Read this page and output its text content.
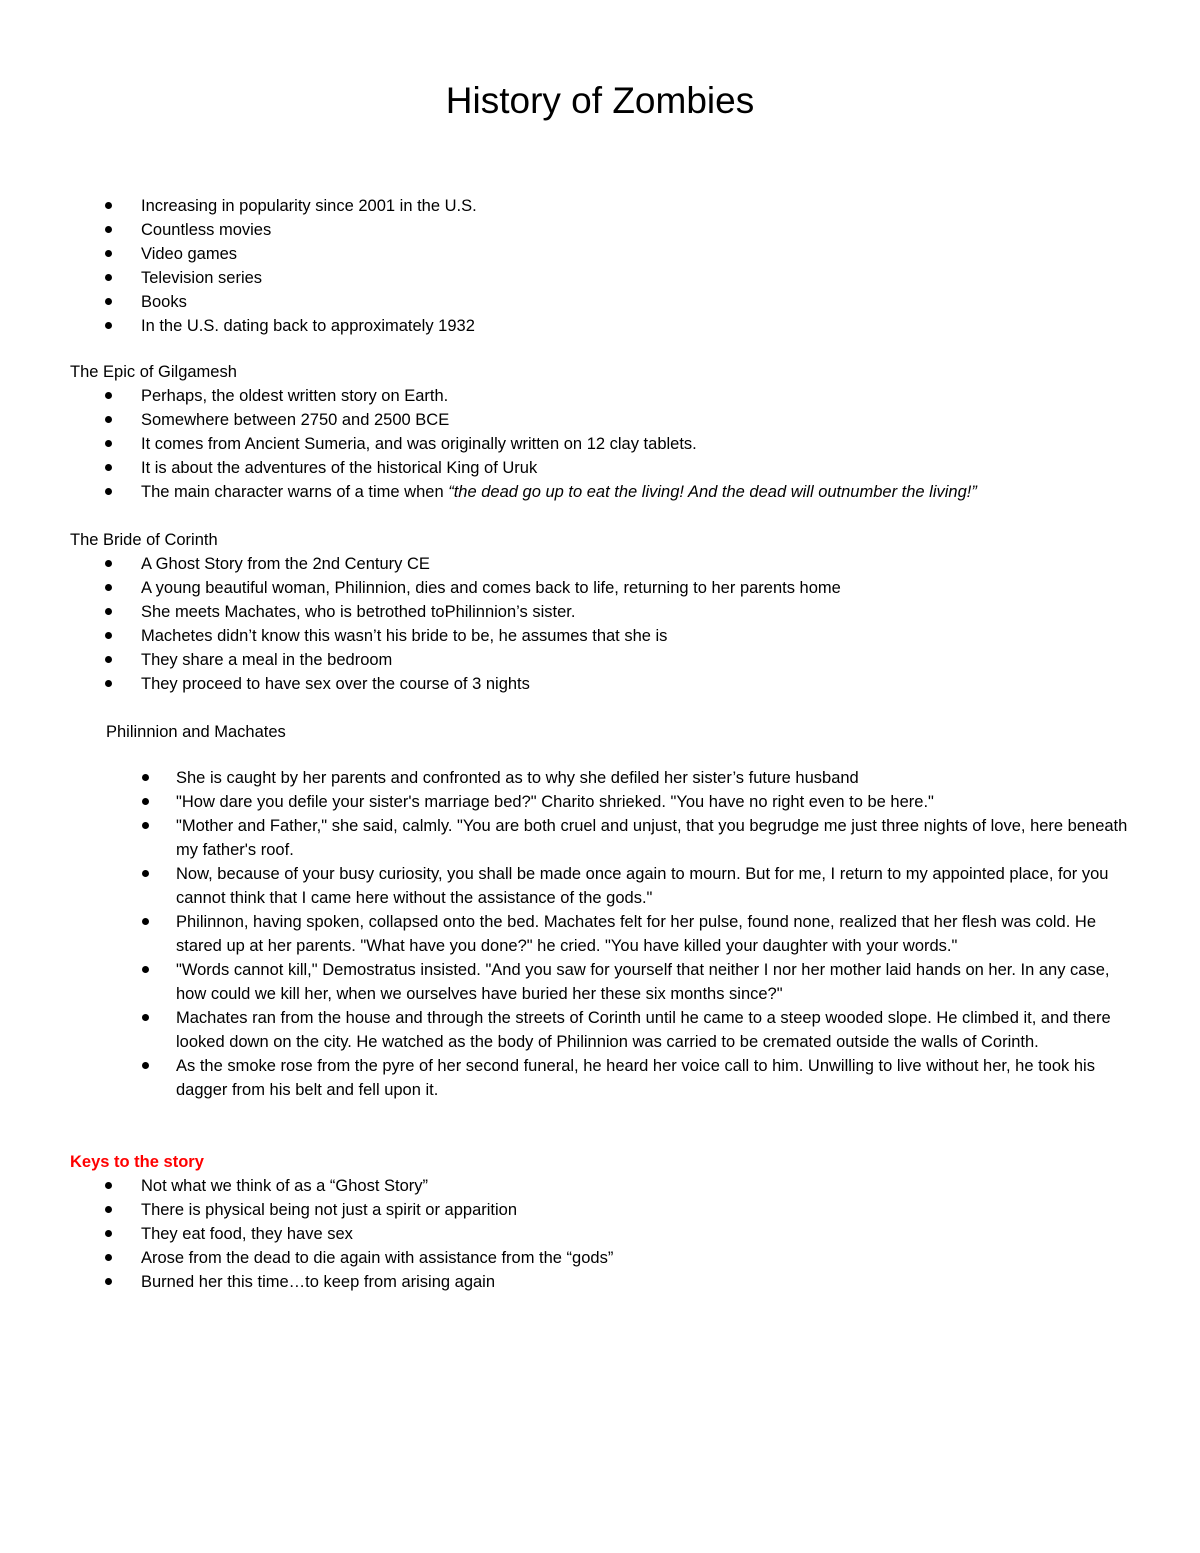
History of Zombies
Increasing in popularity since 2001 in the U.S.
Countless movies
Video games
Television series
Books
In the U.S. dating back to approximately 1932
The Epic of Gilgamesh
Perhaps, the oldest written story on Earth.
Somewhere between 2750 and 2500 BCE
It comes from Ancient Sumeria, and was originally written on 12 clay tablets.
It is about the adventures of the historical King of Uruk
The main character warns of a time when “the dead go up to eat the living! And the dead will outnumber the living!”
The Bride of Corinth
A Ghost Story from the 2nd Century CE
A young beautiful woman, Philinnion, dies and comes back to life, returning to her parents home
She meets Machates, who is betrothed toPhilinnion’s sister.
Machetes didn’t know this wasn’t his bride to be, he assumes that she is
They share a meal in the bedroom
They proceed to have sex over the course of 3 nights
Philinnion and Machates
She is caught by her parents and confronted as to why she defiled her sister’s future husband
"How dare you defile your sister's marriage bed?" Charito shrieked. "You have no right even to be here."
"Mother and Father," she said, calmly. "You are both cruel and unjust, that you begrudge me just three nights of love, here beneath my father's roof.
Now, because of your busy curiosity, you shall be made once again to mourn. But for me, I return to my appointed place, for you cannot think that I came here without the assistance of the gods."
Philinnon, having spoken, collapsed onto the bed. Machates felt for her pulse, found none, realized that her flesh was cold. He stared up at her parents. "What have you done?" he cried. "You have killed your daughter with your words."
"Words cannot kill," Demostratus insisted. "And you saw for yourself that neither I nor her mother laid hands on her. In any case, how could we kill her, when we ourselves have buried her these six months since?"
Machates ran from the house and through the streets of Corinth until he came to a steep wooded slope. He climbed it, and there looked down on the city. He watched as the body of Philinnion was carried to be cremated outside the walls of Corinth.
As the smoke rose from the pyre of her second funeral, he heard her voice call to him. Unwilling to live without her, he took his dagger from his belt and fell upon it.
Keys to the story
Not what we think of as a “Ghost Story”
There is physical being not just a spirit or apparition
They eat food, they have sex
Arose from the dead to die again with assistance from the “gods”
Burned her this time…to keep from arising again
